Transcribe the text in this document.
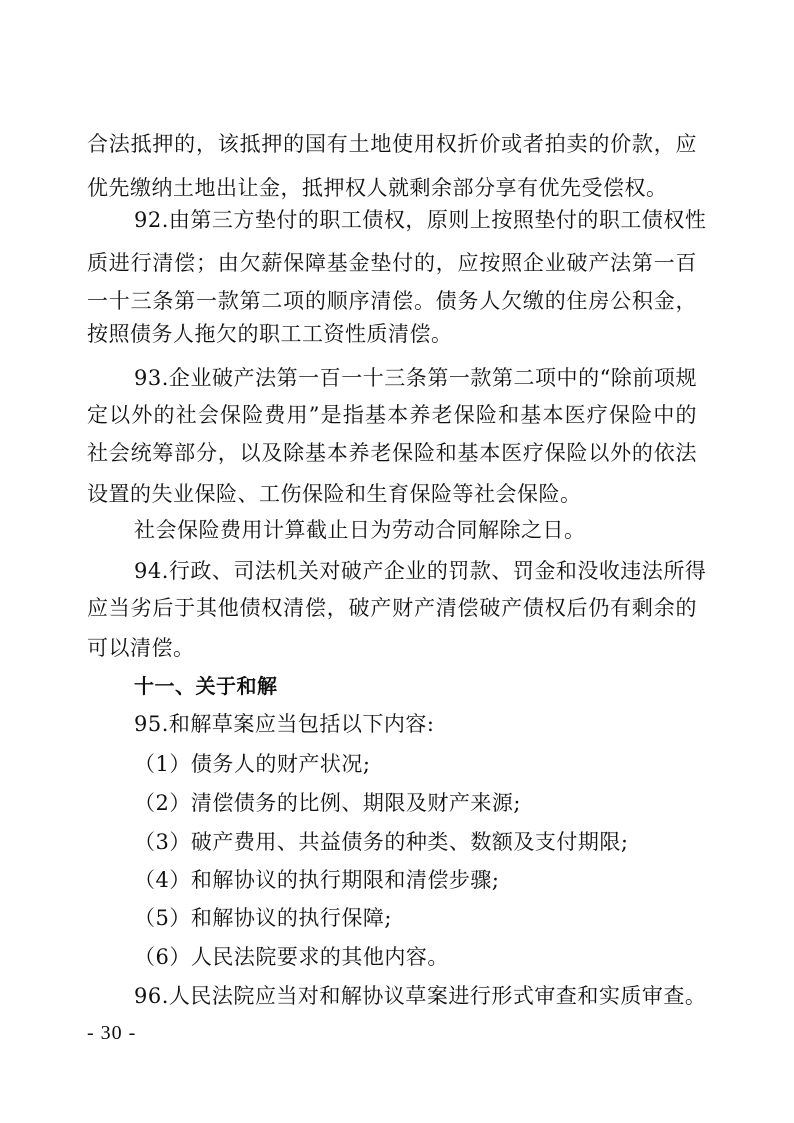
合法抵押的，该抵押的国有土地使用权折价或者拍卖的价款，应
优先缴纳土地出让金，抵押权人就剩余部分享有优先受偿权。
92.由第三方垫付的职工债权，原则上按照垫付的职工债权性
质进行清偿；由欠薪保障基金垫付的，应按照企业破产法第一百
一十三条第一款第二项的顺序清偿。债务人欠缴的住房公积金，
按照债务人拖欠的职工工资性质清偿。
93.企业破产法第一百一十三条第一款第二项中的“除前项规
定以外的社会保险费用”是指基本养老保险和基本医疗保险中的
社会统筹部分，以及除基本养老保险和基本医疗保险以外的依法
设置的失业保险、工伤保险和生育保险等社会保险。
社会保险费用计算截止日为劳动合同解除之日。
94.行政、司法机关对破产企业的罚款、罚金和没收违法所得
应当劣后于其他债权清偿，破产财产清偿破产债权后仍有剩余的
可以清偿。
十一、关于和解
95.和解草案应当包括以下内容:
（1）债务人的财产状况;
（2）清偿债务的比例、期限及财产来源;
（3）破产费用、共益债务的种类、数额及支付期限;
（4）和解协议的执行期限和清偿步骤;
（5）和解协议的执行保障;
（6）人民法院要求的其他内容。
96.人民法院应当对和解协议草案进行形式审查和实质审查。
- 30 -
